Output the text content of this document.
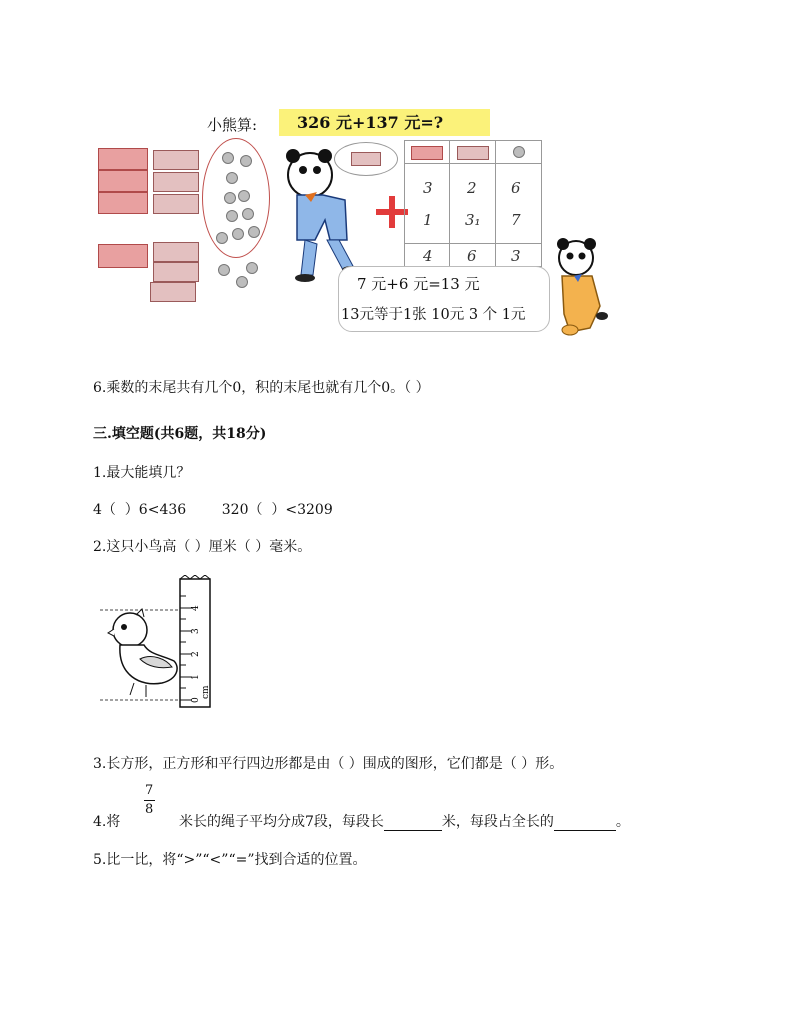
小熊算:	326 元+137 元=?
3 2 6
1 3₁ 7
4 6 3
7 元+6 元=13 元
13元等于1张 10元 3 个 1元
6.乘数的末尾共有几个0，积的末尾也就有几个0。（ ）
三.填空题(共6题，共18分)
1.最大能填几？
4（  ）6<436        320（  ）<3209
2.这只小鸟高（ ）厘米（ ）毫米。
0
1
2
3
4
cm
3.长方形，正方形和平行四边形都是由（ ）围成的图形，它们都是（ ）形。
7
8
4.将	米长的绳子平均分成7段，每段长	米，每段占全长的	。
5.比一比，将“>”“<”“=”找到合适的位置。
